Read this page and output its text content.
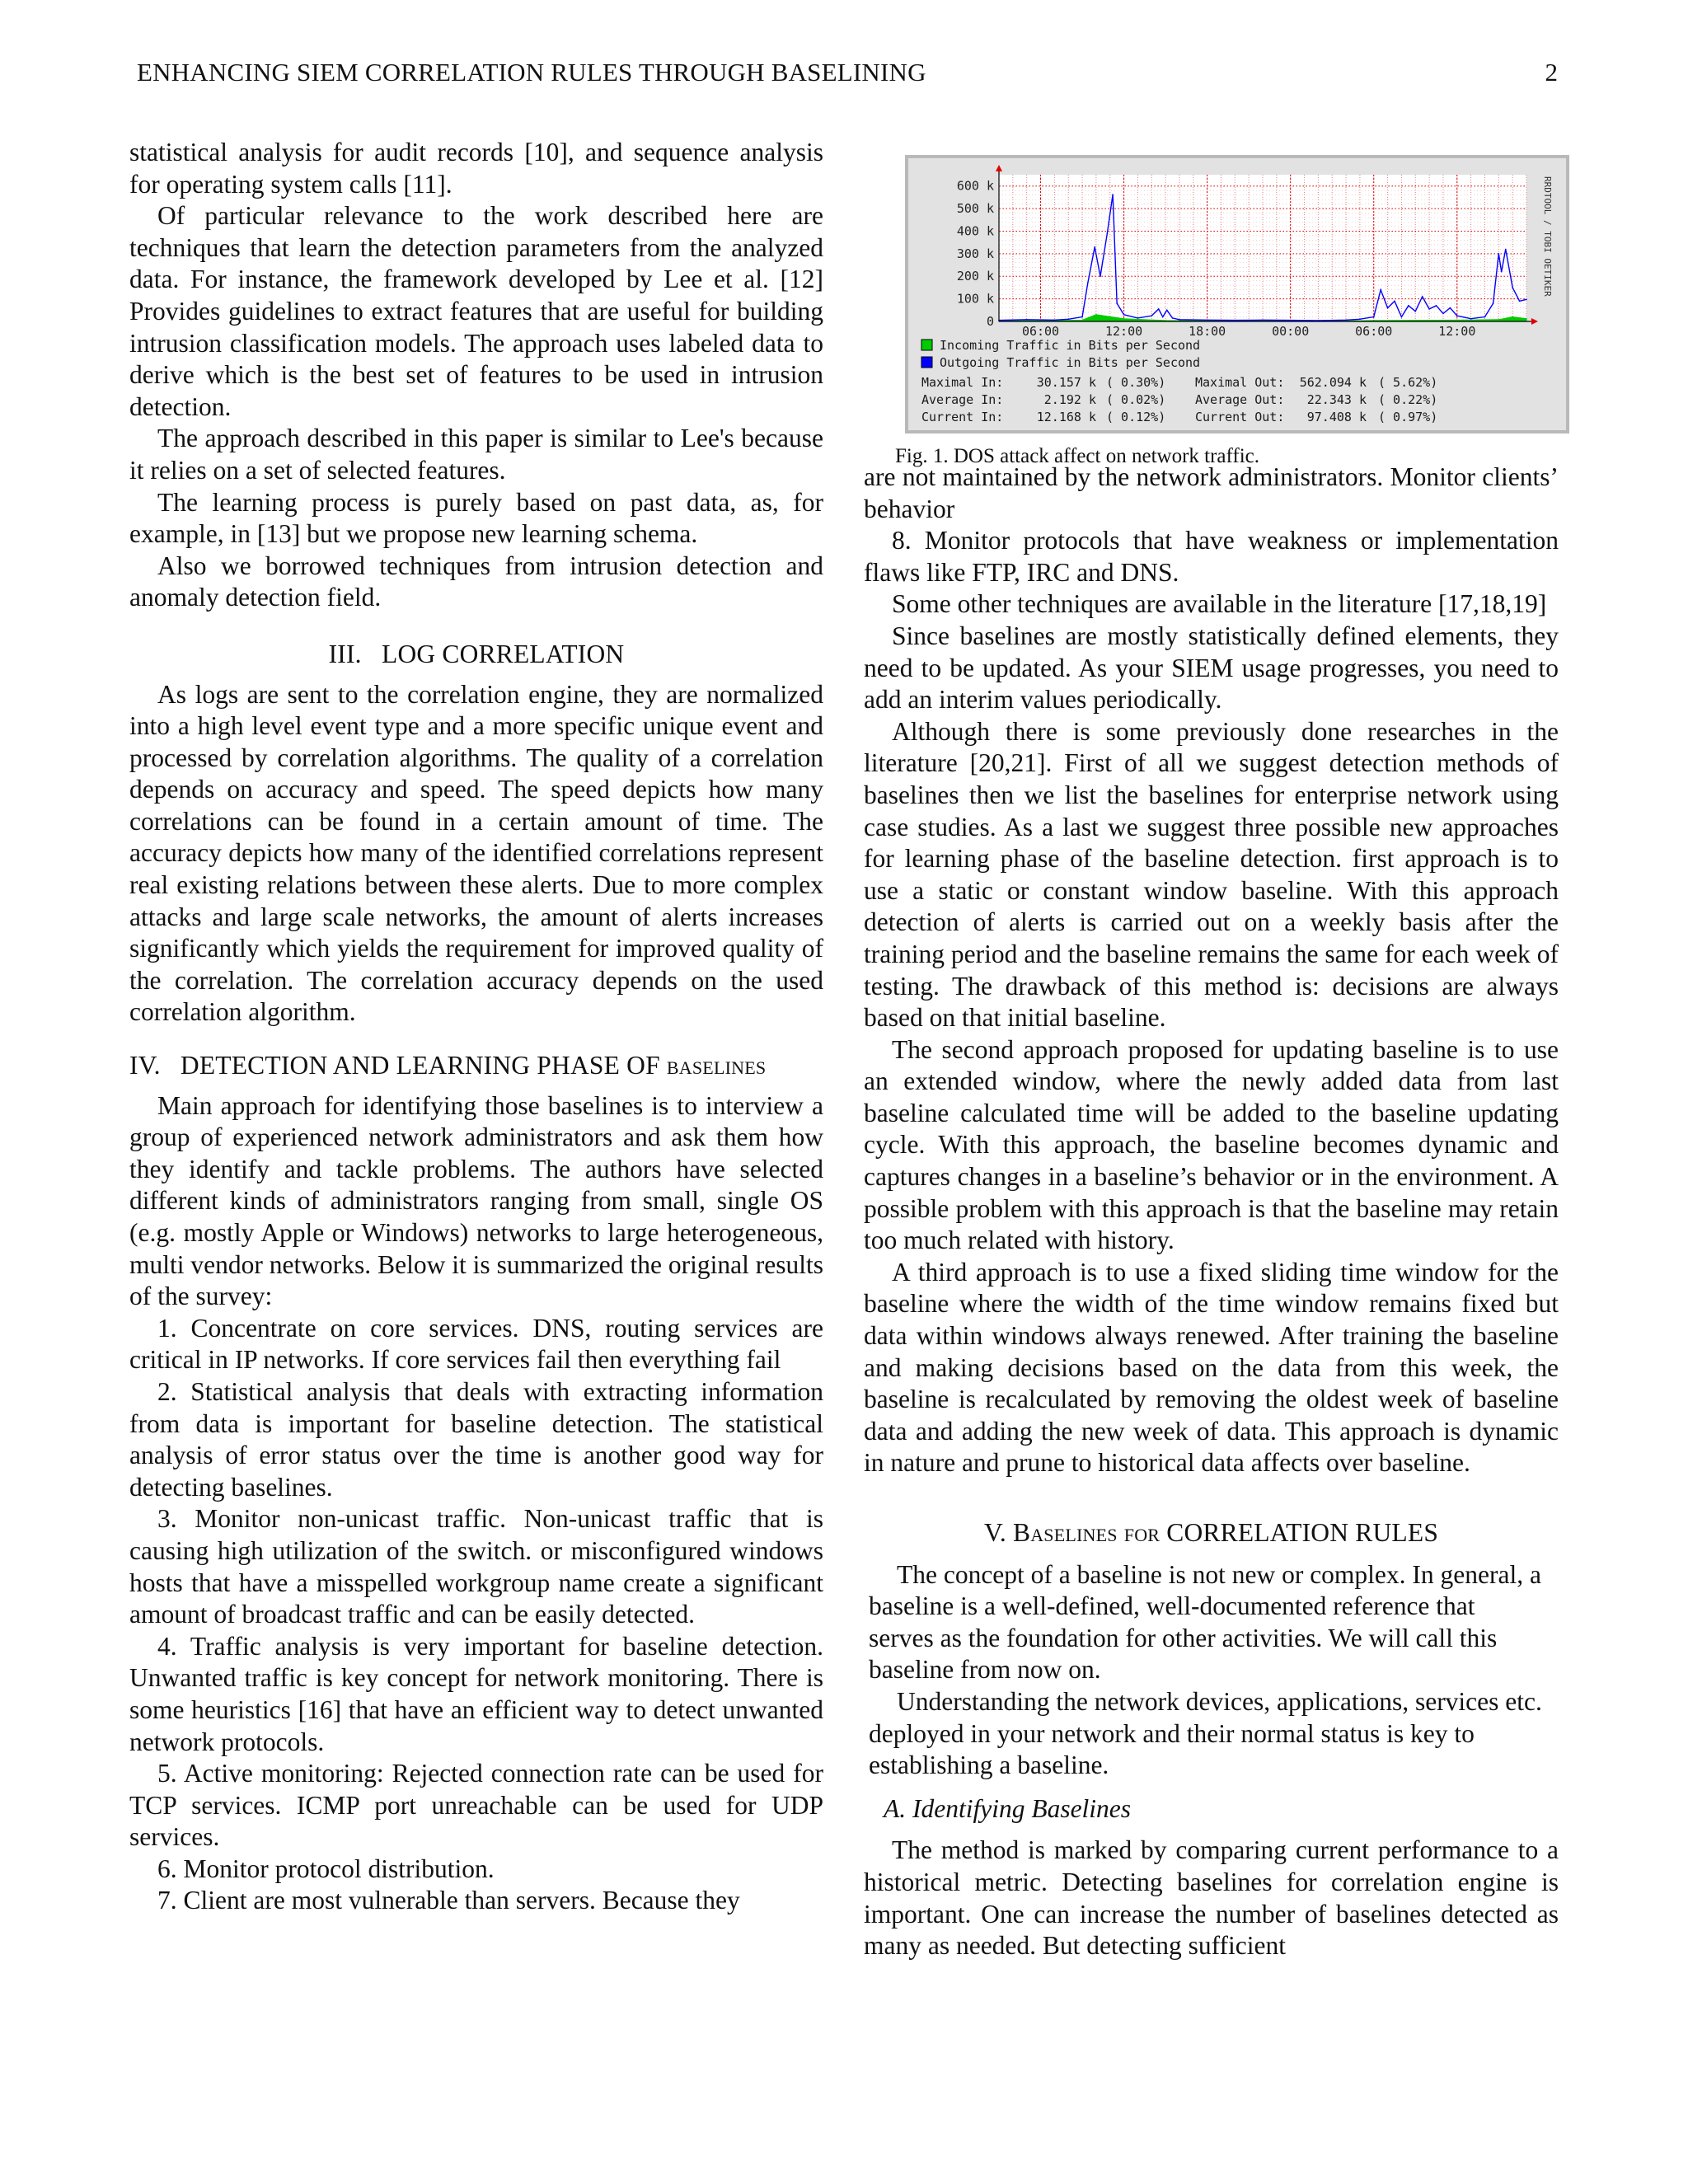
ENHANCING SIEM CORRELATION RULES THROUGH BASELINING	2

statistical analysis for audit records [10], and sequence analysis for operating system calls [11].

Of particular relevance to the work described here are techniques that learn the detection parameters from the analyzed data. For instance, the framework developed by Lee et al. [12] Provides guidelines to extract features that are useful for building intrusion classification models. The approach uses labeled data to derive which is the best set of features to be used in intrusion detection.

The approach described in this paper is similar to Lee's because it relies on a set of selected features.

The learning process is purely based on past data, as, for example, in [13] but we propose new learning schema.

Also we borrowed techniques from intrusion detection and anomaly detection field.

III. LOG CORRELATION

As logs are sent to the correlation engine, they are normalized into a high level event type and a more specific unique event and processed by correlation algorithms. The quality of a correlation depends on accuracy and speed. The speed depicts how many correlations can be found in a certain amount of time. The accuracy depicts how many of the identified correlations represent real existing relations between these alerts. Due to more complex attacks and large scale networks, the amount of alerts increases significantly which yields the requirement for improved quality of the correlation. The correlation accuracy depends on the used correlation algorithm.

IV. DETECTION AND LEARNING PHASE OF baselines

Main approach for identifying those baselines is to interview a group of experienced network administrators and ask them how they identify and tackle problems. The authors have selected different kinds of administrators ranging from small, single OS (e.g. mostly Apple or Windows) networks to large heterogeneous, multi vendor networks. Below it is summarized the original results of the survey:

1. Concentrate on core services. DNS, routing services are critical in IP networks. If core services fail then everything fail

2. Statistical analysis that deals with extracting information from data is important for baseline detection. The statistical analysis of error status over the time is another good way for detecting baselines.

3. Monitor non-unicast traffic. Non-unicast traffic that is causing high utilization of the switch. or misconfigured windows hosts that have a misspelled workgroup name create a significant amount of broadcast traffic and can be easily detected.

4. Traffic analysis is very important for baseline detection. Unwanted traffic is key concept for network monitoring. There is some heuristics [16] that have an efficient way to detect unwanted network protocols.

5. Active monitoring: Rejected connection rate can be used for TCP services. ICMP port unreachable can be used for UDP services.

6. Monitor protocol distribution.

7. Client are most vulnerable than servers. Because they

600 k
500 k
400 k
300 k
200 k
100 k
0
06:00	12:00	18:00	00:00	06:00	12:00
RRDTOOL / TOBI OETIKER
Incoming Traffic in Bits per Second
Outgoing Traffic in Bits per Second
Maximal In:	30.157 k ( 0.30%) Maximal Out: 562.094 k ( 5.62%)
Average In:	2.192 k ( 0.02%) Average Out: 22.343 k ( 0.22%)
Current In:	12.168 k ( 0.12%) Current Out: 97.408 k ( 0.97%)
Fig. 1. DOS attack affect on network traffic.

are not maintained by the network administrators. Monitor clients’ behavior

8. Monitor protocols that have weakness or implementation flaws like FTP, IRC and DNS.

Some other techniques are available in the literature [17,18,19]

Since baselines are mostly statistically defined elements, they need to be updated. As your SIEM usage progresses, you need to add an interim values periodically.

Although there is some previously done researches in the literature [20,21]. First of all we suggest detection methods of baselines then we list the baselines for enterprise network using case studies. As a last we suggest three possible new approaches for learning phase of the baseline detection. first approach is to use a static or constant window baseline. With this approach detection of alerts is carried out on a weekly basis after the training period and the baseline remains the same for each week of testing. The drawback of this method is: decisions are always based on that initial baseline.

The second approach proposed for updating baseline is to use an extended window, where the newly added data from last baseline calculated time will be added to the baseline updating cycle. With this approach, the baseline becomes dynamic and captures changes in a baseline’s behavior or in the environment. A possible problem with this approach is that the baseline may retain too much related with history.

A third approach is to use a fixed sliding time window for the baseline where the width of the time window remains fixed but data within windows always renewed. After training the baseline and making decisions based on the data from this week, the baseline is recalculated by removing the oldest week of baseline data and adding the new week of data. This approach is dynamic in nature and prune to historical data affects over baseline.

V. Baselines for CORRELATION RULES

The concept of a baseline is not new or complex. In general, a baseline is a well-defined, well-documented reference that serves as the foundation for other activities. We will call this baseline from now on.

Understanding the network devices, applications, services etc. deployed in your network and their normal status is key to establishing a baseline.

A. Identifying Baselines

The method is marked by comparing current performance to a historical metric. Detecting baselines for correlation engine is important. One can increase the number of baselines detected as many as needed. But detecting sufficient
